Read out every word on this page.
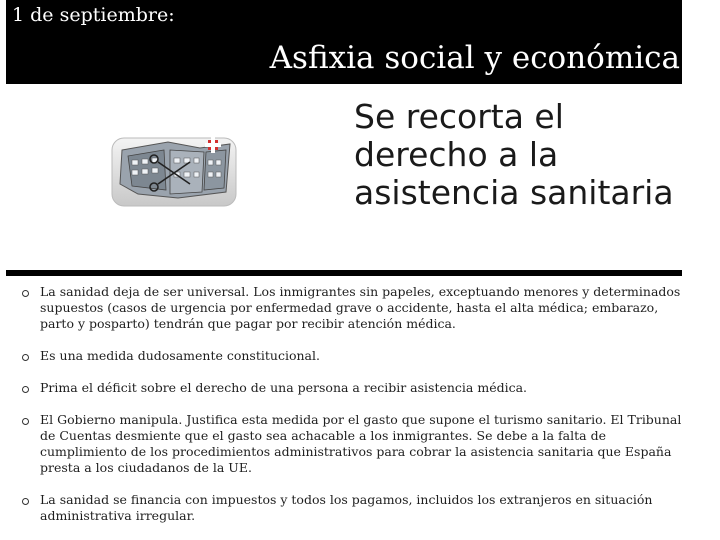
1 de septiembre:
Asfixia social y económica
Se recorta el derecho a la asistencia sanitaria
La sanidad deja de ser universal. Los inmigrantes sin papeles, exceptuando menores y determinados supuestos (casos de urgencia por enfermedad grave o accidente, hasta el alta médica; embarazo, parto y posparto) tendrán que pagar por recibir atención médica.
Es una medida dudosamente constitucional.
Prima el déficit sobre el derecho de una persona a recibir asistencia médica.
El Gobierno manipula. Justifica esta medida por el gasto que supone el turismo sanitario. El Tribunal de Cuentas desmiente que el gasto sea achacable a los inmigrantes. Se debe a la falta de cumplimiento de los procedimientos administrativos para cobrar la asistencia sanitaria que España presta a los ciudadanos de la UE.
La sanidad se financia con impuestos y todos los pagamos, incluidos los extranjeros en situación administrativa irregular.
